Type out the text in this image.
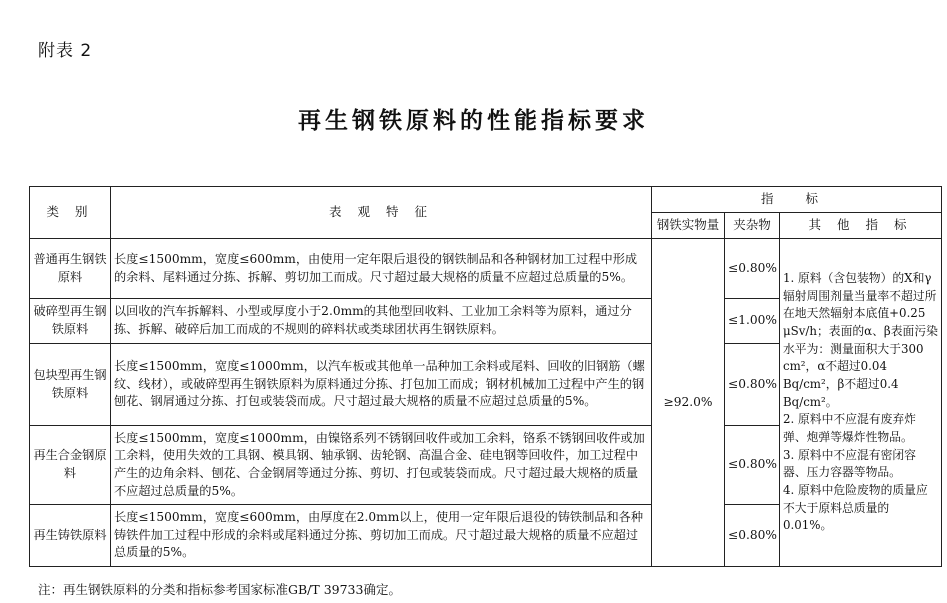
附表 2
再生钢铁原料的性能指标要求
类 别	表 观 特 征	指 标		
		钢铁实物量	夹杂物	其 他 指 标
普通再生钢铁原料	长度≤1500mm，宽度≤600mm，由使用一定年限后退役的钢铁制品和各种钢材加工过程中形成的余料、尾料通过分拣、拆解、剪切加工而成。尺寸超过最大规格的质量不应超过总质量的5%。	≥92.0%	≤0.80%	1. 原料（含包装物）的X和γ辐射周围剂量当量率不超过所在地天然辐射本底值+0.25 μSv/h；表面的α、β表面污染水平为：测量面积大于300 cm²，α不超过0.04 Bq/cm²，β不超过0.4 Bq/cm²。
2. 原料中不应混有废弃炸弹、炮弹等爆炸性物品。
3. 原料中不应混有密闭容器、压力容器等物品。
4. 原料中危险废物的质量应不大于原料总质量的0.01%。

破碎型再生钢铁原料	以回收的汽车拆解料、小型或厚度小于2.0mm的其他型回收料、工业加工余料等为原料，通过分拣、拆解、破碎后加工而成的不规则的碎料状或类球团状再生钢铁原料。		≤1.00%	
包块型再生钢铁原料	长度≤1500mm，宽度≤1000mm，以汽车板或其他单一品种加工余料或尾料、回收的旧钢筋（螺纹、线材），或破碎型再生钢铁原料为原料通过分拣、打包加工而成；钢材机械加工过程中产生的钢刨花、钢屑通过分拣、打包或装袋而成。尺寸超过最大规格的质量不应超过总质量的5%。		≤0.80%	
再生合金钢原料	长度≤1500mm，宽度≤1000mm，由镍铬系列不锈钢回收件或加工余料，铬系不锈钢回收件或加工余料，使用失效的工具钢、模具钢、轴承钢、齿轮钢、高温合金、硅电钢等回收件，加工过程中产生的边角余料、刨花、合金钢屑等通过分拣、剪切、打包或装袋而成。尺寸超过最大规格的质量不应超过总质量的5%。		≤0.80%	
再生铸铁原料	长度≤1500mm，宽度≤600mm，由厚度在2.0mm以上，使用一定年限后退役的铸铁制品和各种铸铁件加工过程中形成的余料或尾料通过分拣、剪切加工而成。尺寸超过最大规格的质量不应超过总质量的5%。		≤0.80%	
注：再生钢铁原料的分类和指标参考国家标准GB/T 39733确定。
